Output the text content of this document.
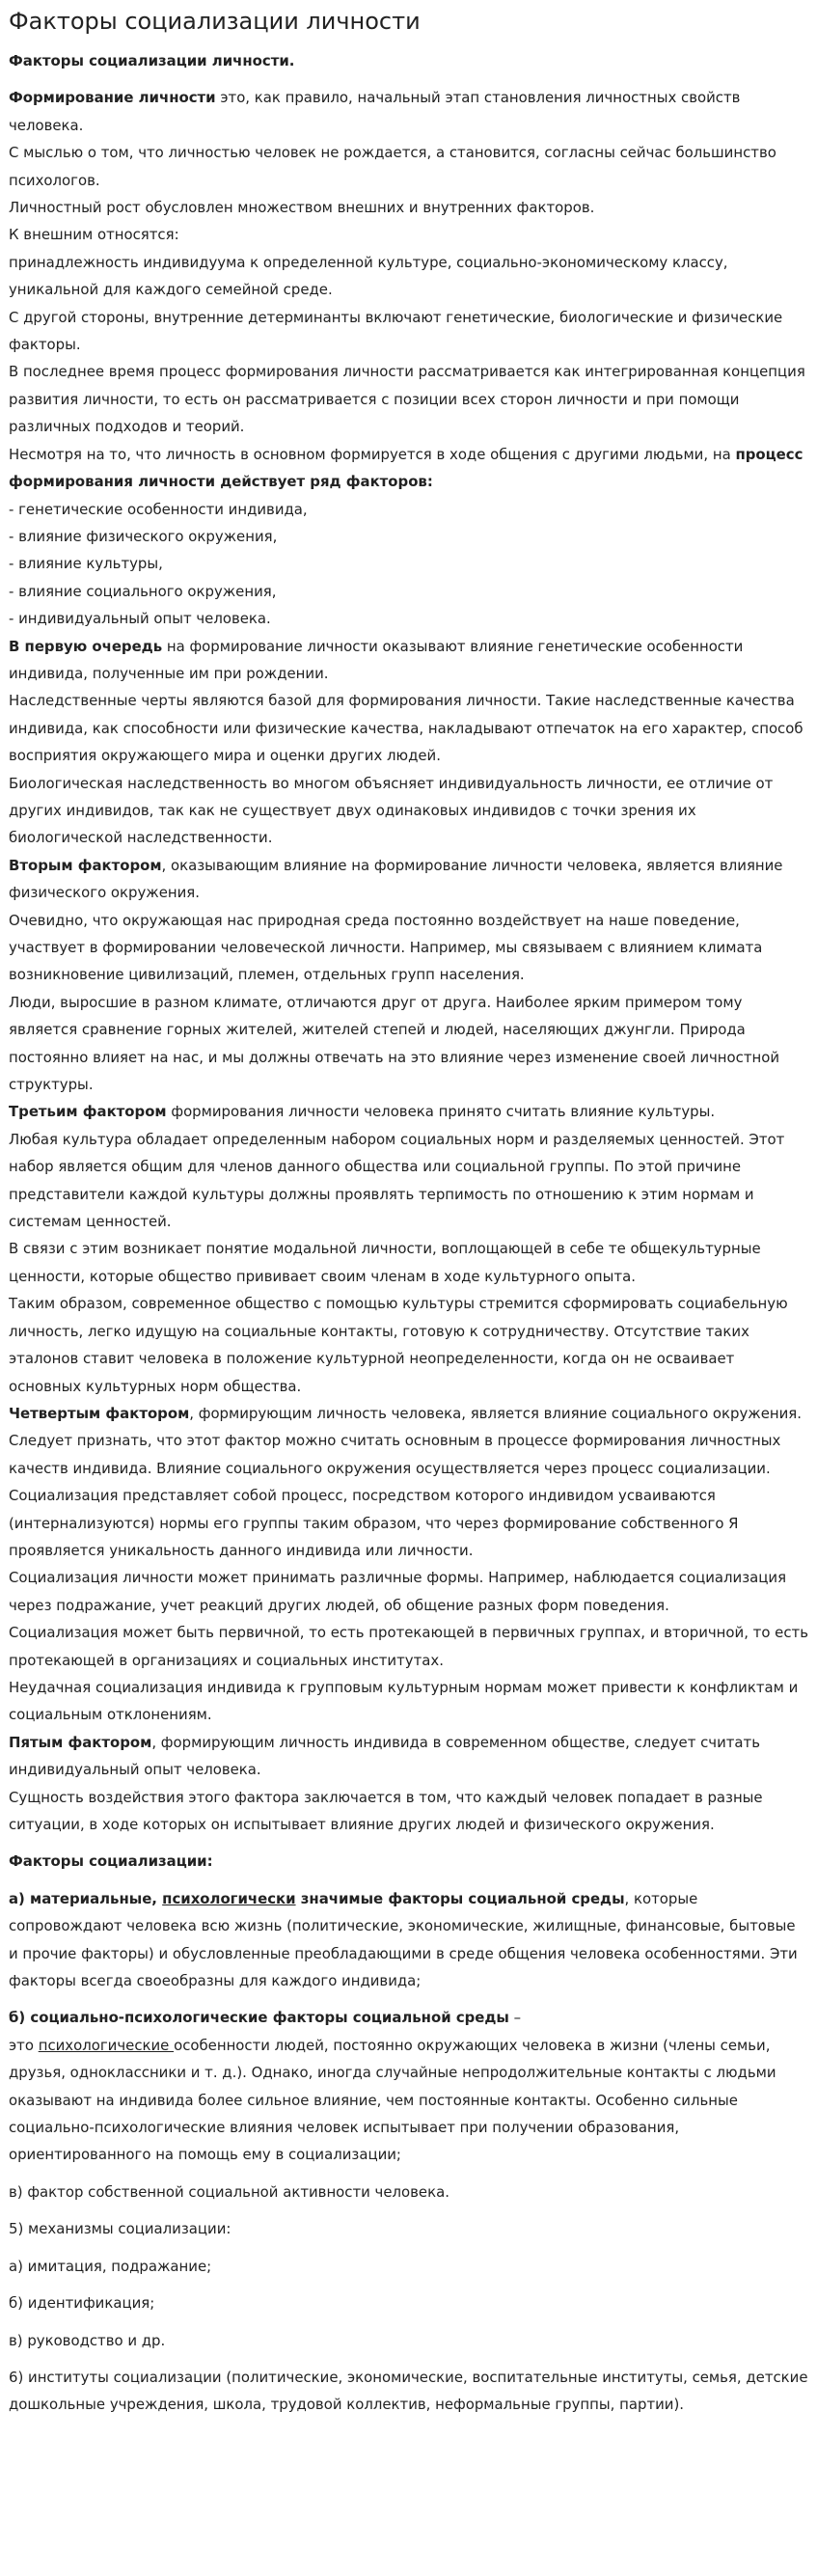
Факторы социализации личности

Факторы социализации личности.

Формирование личности это, как правило, начальный этап становления личностных свойств человека.

С мыслью о том, что личностью человек не рождается, а становится, согласны сейчас большинство психологов.

Личностный рост обусловлен множеством внешних и внутренних факторов.

К внешним относятся:

принадлежность индивидуума к определенной культуре, социально-экономическому классу, уникальной для каждого семейной среде.

С другой стороны, внутренние детерминанты включают генетические, биологические и физические факторы.

В последнее время процесс формирования личности рассматривается как интегрированная концепция развития личности, то есть он рассматривается с позиции всех сторон личности и при помощи различных подходов и теорий.

Несмотря на то, что личность в основном формируется в ходе общения с другими людьми, на процесс формирования личности действует ряд факторов:

- генетические особенности индивида,

- влияние физического окружения,

- влияние культуры,

- влияние социального окружения,

- индивидуальный опыт человека.

В первую очередь на формирование личности оказывают влияние генетические особенности индивида, полученные им при рождении.

Наследственные черты являются базой для формирования личности. Такие наследственные качества индивида, как способности или физические качества, накладывают отпечаток на его характер, способ восприятия окружающего мира и оценки других людей.

Биологическая наследственность во многом объясняет индивидуальность личности, ее отличие от других индивидов, так как не существует двух одинаковых индивидов с точки зрения их биологической наследственности.

Вторым фактором, оказывающим влияние на формирование личности человека, является влияние физического окружения.

Очевидно, что окружающая нас природная среда постоянно воздействует на наше поведение, участвует в формировании человеческой личности. Например, мы связываем с влиянием климата возникновение цивилизаций, племен, отдельных групп населения.

Люди, выросшие в разном климате, отличаются друг от друга. Наиболее ярким примером тому является сравнение горных жителей, жителей степей и людей, населяющих джунгли. Природа постоянно влияет на нас, и мы должны отвечать на это влияние через изменение своей личностной структуры.

Третьим фактором формирования личности человека принято считать влияние культуры.

Любая культура обладает определенным набором социальных норм и разделяемых ценностей. Этот набор является общим для членов данного общества или социальной группы. По этой причине представители каждой культуры должны проявлять терпимость по отношению к этим нормам и системам ценностей.

В связи с этим возникает понятие модальной личности, воплощающей в себе те общекультурные ценности, которые общество прививает своим членам в ходе культурного опыта.

Таким образом, современное общество с помощью культуры стремится сформировать социабельную личность, легко идущую на социальные контакты, готовую к сотрудничеству. Отсутствие таких эталонов ставит человека в положение культурной неопределенности, когда он не осваивает основных культурных норм общества.

Четвертым фактором, формирующим личность человека, является влияние социального окружения.

Следует признать, что этот фактор можно считать основным в процессе формирования личностных качеств индивида. Влияние социального окружения осуществляется через процесс социализации.

Социализация представляет собой процесс, посредством которого индивидом усваиваются (интернализуются) нормы его группы таким образом, что через формирование собственного Я проявляется уникальность данного индивида или личности.

Социализация личности может принимать различные формы. Например, наблюдается социализация через подражание, учет реакций других людей, об общение разных форм поведения.

Социализация может быть первичной, то есть протекающей в первичных группах, и вторичной, то есть протекающей в организациях и социальных институтах.

Неудачная социализация индивида к групповым культурным нормам может привести к конфликтам и социальным отклонениям.

Пятым фактором, формирующим личность индивида в современном обществе, следует считать индивидуальный опыт человека.

Сущность воздействия этого фактора заключается в том, что каждый человек попадает в разные ситуации, в ходе которых он испытывает влияние других людей и физического окружения.

Факторы социализации:

а) материальные, психологически значимые факторы социальной среды, которые сопровождают человека всю жизнь (политические, экономические, жилищные, финансовые, бытовые и прочие факторы) и обусловленные преобладающими в среде общения человека особенностями. Эти факторы всегда своеобразны для каждого индивида;

б) социально-психологические факторы социальной среды –

это психологические особенности людей, постоянно окружающих человека в жизни (члены семьи, друзья, одноклассники и т. д.). Однако, иногда случайные непродолжительные контакты с людьми оказывают на индивида более сильное влияние, чем постоянные контакты. Особенно сильные социально-психологические влияния человек испытывает при получении образования, ориентированного на помощь ему в социализации;

в) фактор собственной социальной активности человека.

5) механизмы социализации:

а) имитация, подражание;

б) идентификация;

в) руководство и др.

6) институты социализации (политические, экономические, воспитательные институты, семья, детские дошкольные учреждения, школа, трудовой коллектив, неформальные группы, партии).
